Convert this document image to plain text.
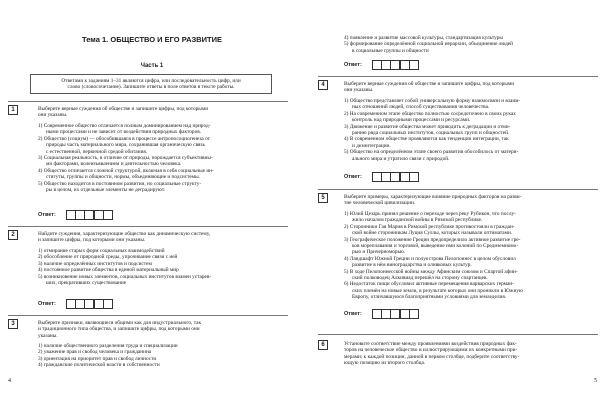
Тема 1. ОБЩЕСТВО И ЕГО РАЗВИТИЕ
Часть 1
Ответами к заданиям 1–31 являются цифра, или последовательность цифр, или
слово (словосочетание). Запишите ответы в поле ответов в тексте работы.
1	Выберите верные суждения об обществе и запишите цифры, под которыми
они указаны.
1) Современное общество отличается полным доминированием над природ-
ными процессами и не зависит от воздействия природных факторов.
2) Общество (социум) — обособившаяся в процессе антропосоциогенеза от
природы часть материального мира, сохранившая органическую связь
с естественной, первичной средой обитания.
3) Социальная реальность, в отличие от природы, порождается субъективны-
ми факторами, волеизъявлением и деятельностью человека.
4) Общество отличается сложной структурой, включая в себя социальные ин-
ституты, группы и общности, нормы, объединяющие и подсистемы.
5) Общество находится в постоянном развитии, но социальные структу-
ры в целом, их отдельные элементы не деградируют.
Ответ:
2	Найдите суждения, характеризующие общество как динамическую систему,
и запишите цифры, под которыми они указаны.
1) отмирание старых форм социальных взаимодействий
2) обособление от природной среды, упрочивание связи с ней
3) наличие определённых институтов и подсистем
4) постоянное развитие общества в единой материальный мир
5) возникновение новых элементов, социальных институтов взамен устарев-
ших, прекративших существование
Ответ:
3	Выберите признаки, являющиеся общими как для индустриального, так
и традиционного типа общества, и запишите цифры, под которыми они
указаны.
1) наличие общественного разделения труда и специализации
2) уважение прав и свобод человека и гражданина
3) ориентация на приоритет прав и свобод личности
4) гражданские политической власти в собственности
4
4) появление и развитие массовой культуры, стандартизация культуры
5) формирование определённой социальной иерархии, объединение людей
в социальные группы и общности
Ответ:
4	Выберите верные суждения об обществе и запишите цифры, под которыми
они указаны.
1) Общество представляет собой универсальную форму взаимосвязи и взаим-
ных отношений людей, способ существования человечества.
2) На современном этапе общество полностью сосредоточено в своих руках
контроль над природными процессами и ресурсами.
3) Движение и развитие общества может приводить к деградации и отми-
ранию ряда социальных институтов, социальных групп и общностей.
4) В современном обществе проявляются как тенденции интеграции, так
и дезинтеграции.
5) Общество на определённом этапе своего развития обособилось от матери-
ального мира и утратило связи с природой.
Ответ:
5	Выберите примеры, характеризующие влияние природных факторов на разви-
тие человеческой цивилизации.
1) Юлий Цезарь принял решение о переходе через реку Рубикон, что послу-
жило началом гражданской войны в Римской республике.
2) Сторонники Гая Мария в Римской республике противостояли в граждан-
ской войне сторонникам Луция Суллы, которых называли оптиматами.
3) Географическое положение Греции предопределило активное развитие гре-
ков мореплавания и торговой, выведение ими колоний по Средиземномо-
рью и Причерноморью.
4) Ландшафт Южной Греции и полуострова Пелопоннес в целом обусловил
развитие в нём виноградарства и оливковых культур.
5) В ходе Пелопоннесской войны между Афинским союзом и Спартой афин-
ский полководец Алкивиад перешёл на сторону спартанцев.
6) Недостаток пищи обусловил активные перемещения варварских герман-
ских племён на новые земли, в результате которых они проникли в Южную
Европу, отличавшуюся благоприятными условиями для земледелия.
Ответ:
6	Установите соответствие между проявлениями воздействия природных фак-
торов на человеческое общество и иллюстрирующими их конкретными при-
мерами: к каждой позиции, данной в первом столбце, подберите соответству-
ющую позицию из второго столбца.
5
